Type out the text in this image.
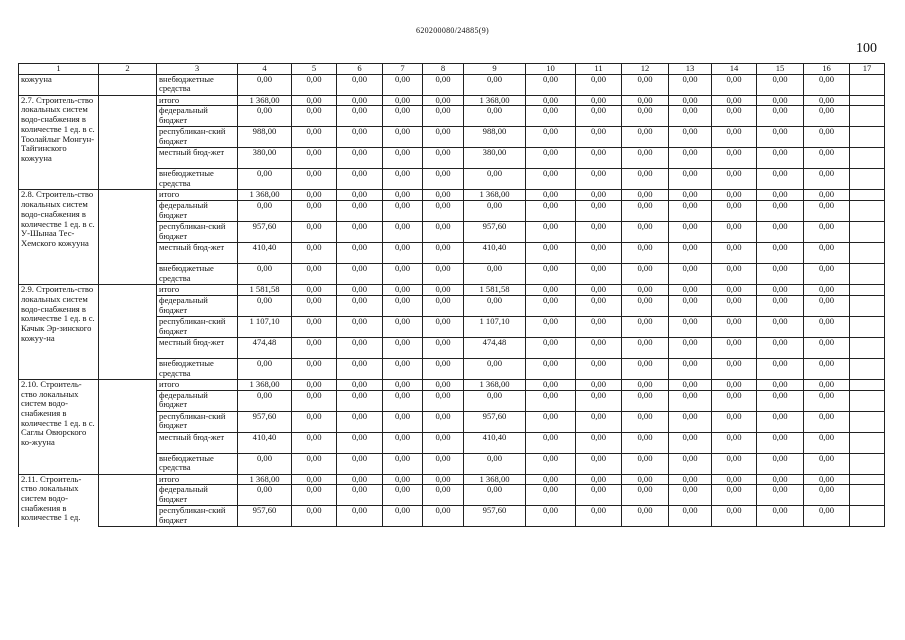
620200080/24885(9)
100
1	2	3	4	5	6	7	8	9	10	11	12	13	14	15	16	17
кожууна		внебюджетные средства	0,00	0,00	0,00	0,00	0,00	0,00	0,00	0,00	0,00	0,00	0,00	0,00	0,00	
2.7. Строитель-ство локальных систем водо-снабжения в количестве 1 ед. в с. Тоолайлыг Монгун-Тайгинского кожууна		итого	1 368,00	0,00	0,00	0,00	0,00	1 368,00	0,00	0,00	0,00	0,00	0,00	0,00	0,00	
		федеральный бюджет	0,00	0,00	0,00	0,00	0,00	0,00	0,00	0,00	0,00	0,00	0,00	0,00	0,00	
		республикан-ский бюджет	988,00	0,00	0,00	0,00	0,00	988,00	0,00	0,00	0,00	0,00	0,00	0,00	0,00	
		местный бюд-жет	380,00	0,00	0,00	0,00	0,00	380,00	0,00	0,00	0,00	0,00	0,00	0,00	0,00	
		внебюджетные средства	0,00	0,00	0,00	0,00	0,00	0,00	0,00	0,00	0,00	0,00	0,00	0,00	0,00	
2.8. Строитель-ство локальных систем водо-снабжения в количестве 1 ед. в с. У-Шынаа Тес-Хемского кожууна		итого	1 368,00	0,00	0,00	0,00	0,00	1 368,00	0,00	0,00	0,00	0,00	0,00	0,00	0,00	
		федеральный бюджет	0,00	0,00	0,00	0,00	0,00	0,00	0,00	0,00	0,00	0,00	0,00	0,00	0,00	
		республикан-ский бюджет	957,60	0,00	0,00	0,00	0,00	957,60	0,00	0,00	0,00	0,00	0,00	0,00	0,00	
		местный бюд-жет	410,40	0,00	0,00	0,00	0,00	410,40	0,00	0,00	0,00	0,00	0,00	0,00	0,00	
		внебюджетные средства	0,00	0,00	0,00	0,00	0,00	0,00	0,00	0,00	0,00	0,00	0,00	0,00	0,00	
2.9. Строитель-ство локальных систем водо-снабжения в количестве 1 ед. в с. Качык Эр-зинского кожуу-на		итого	1 581,58	0,00	0,00	0,00	0,00	1 581,58	0,00	0,00	0,00	0,00	0,00	0,00	0,00	
		федеральный бюджет	0,00	0,00	0,00	0,00	0,00	0,00	0,00	0,00	0,00	0,00	0,00	0,00	0,00	
		республикан-ский бюджет	1 107,10	0,00	0,00	0,00	0,00	1 107,10	0,00	0,00	0,00	0,00	0,00	0,00	0,00	
		местный бюд-жет	474,48	0,00	0,00	0,00	0,00	474,48	0,00	0,00	0,00	0,00	0,00	0,00	0,00	
		внебюджетные средства	0,00	0,00	0,00	0,00	0,00	0,00	0,00	0,00	0,00	0,00	0,00	0,00	0,00	
2.10. Строитель-ство локальных систем водо-снабжения в количестве 1 ед. в с. Саглы Овюрского ко-жууна		итого	1 368,00	0,00	0,00	0,00	0,00	1 368,00	0,00	0,00	0,00	0,00	0,00	0,00	0,00	
		федеральный бюджет	0,00	0,00	0,00	0,00	0,00	0,00	0,00	0,00	0,00	0,00	0,00	0,00	0,00	
		республикан-ский бюджет	957,60	0,00	0,00	0,00	0,00	957,60	0,00	0,00	0,00	0,00	0,00	0,00	0,00	
		местный бюд-жет	410,40	0,00	0,00	0,00	0,00	410,40	0,00	0,00	0,00	0,00	0,00	0,00	0,00	
		внебюджетные средства	0,00	0,00	0,00	0,00	0,00	0,00	0,00	0,00	0,00	0,00	0,00	0,00	0,00	
2.11. Строитель-ство локальных систем водо-снабжения в количестве 1 ед.		итого	1 368,00	0,00	0,00	0,00	0,00	1 368,00	0,00	0,00	0,00	0,00	0,00	0,00	0,00	
		федеральный бюджет	0,00	0,00	0,00	0,00	0,00	0,00	0,00	0,00	0,00	0,00	0,00	0,00	0,00	
		республикан-ский бюджет	957,60	0,00	0,00	0,00	0,00	957,60	0,00	0,00	0,00	0,00	0,00	0,00	0,00	
